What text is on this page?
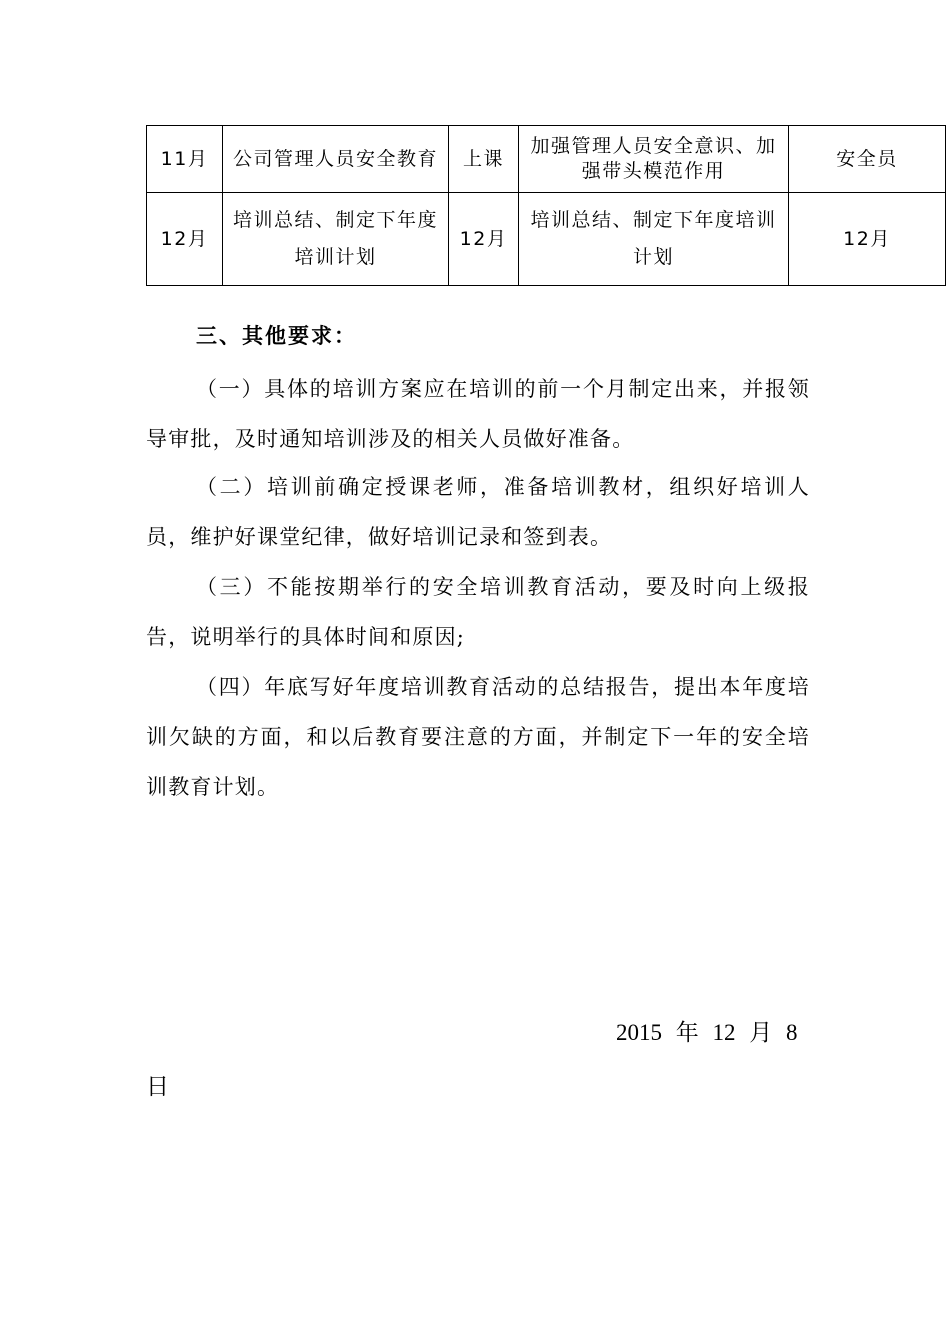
11月	公司管理人员安全教育	上课	加强管理人员安全意识、加强带头模范作用	安全员
12月	培训总结、制定下年度培训计划	12月	培训总结、制定下年度培训计划	12月
三、其他要求：

（一）具体的培训方案应在培训的前一个月制定出来，并报领导审批，及时通知培训涉及的相关人员做好准备。

（二）培训前确定授课老师，准备培训教材，组织好培训人员，维护好课堂纪律，做好培训记录和签到表。

（三）不能按期举行的安全培训教育活动，要及时向上级报告，说明举行的具体时间和原因;

（四）年底写好年度培训教育活动的总结报告，提出本年度培训欠缺的方面，和以后教育要注意的方面，并制定下一年的安全培训教育计划。

2015 年 12 月 8
日
